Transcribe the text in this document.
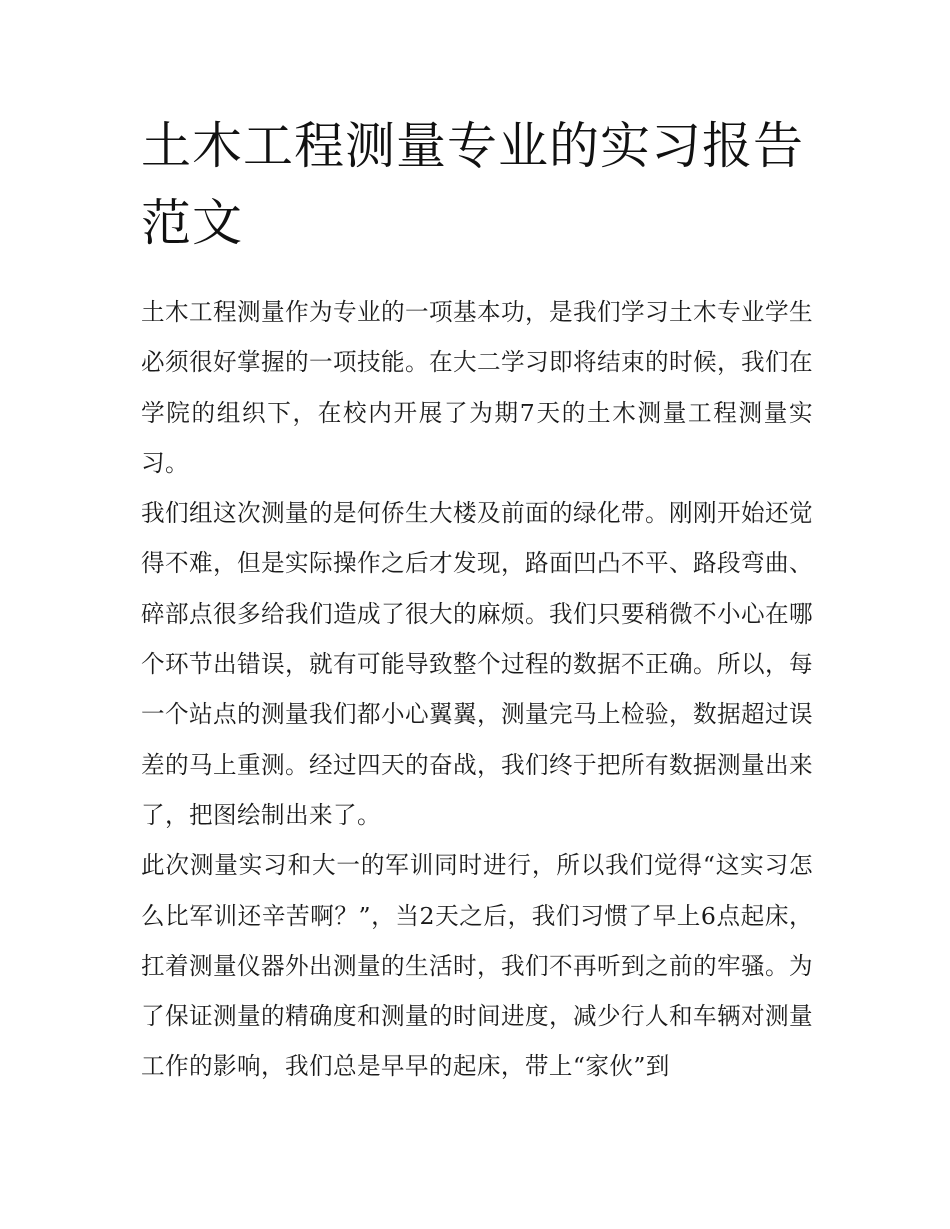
土木工程测量专业的实习报告范文

土木工程测量作为专业的一项基本功，是我们学习土木专业学生必须很好掌握的一项技能。在大二学习即将结束的时候，我们在学院的组织下，在校内开展了为期7天的土木测量工程测量实习。

我们组这次测量的是何侨生大楼及前面的绿化带。刚刚开始还觉得不难，但是实际操作之后才发现，路面凹凸不平、路段弯曲、碎部点很多给我们造成了很大的麻烦。我们只要稍微不小心在哪个环节出错误，就有可能导致整个过程的数据不正确。所以，每一个站点的测量我们都小心翼翼，测量完马上检验，数据超过误差的马上重测。经过四天的奋战，我们终于把所有数据测量出来了，把图绘制出来了。

此次测量实习和大一的军训同时进行，所以我们觉得“这实习怎么比军训还辛苦啊？”，当2天之后，我们习惯了早上6点起床，扛着测量仪器外出测量的生活时，我们不再听到之前的牢骚。为了保证测量的精确度和测量的时间进度，减少行人和车辆对测量工作的影响，我们总是早早的起床，带上“家伙”到
